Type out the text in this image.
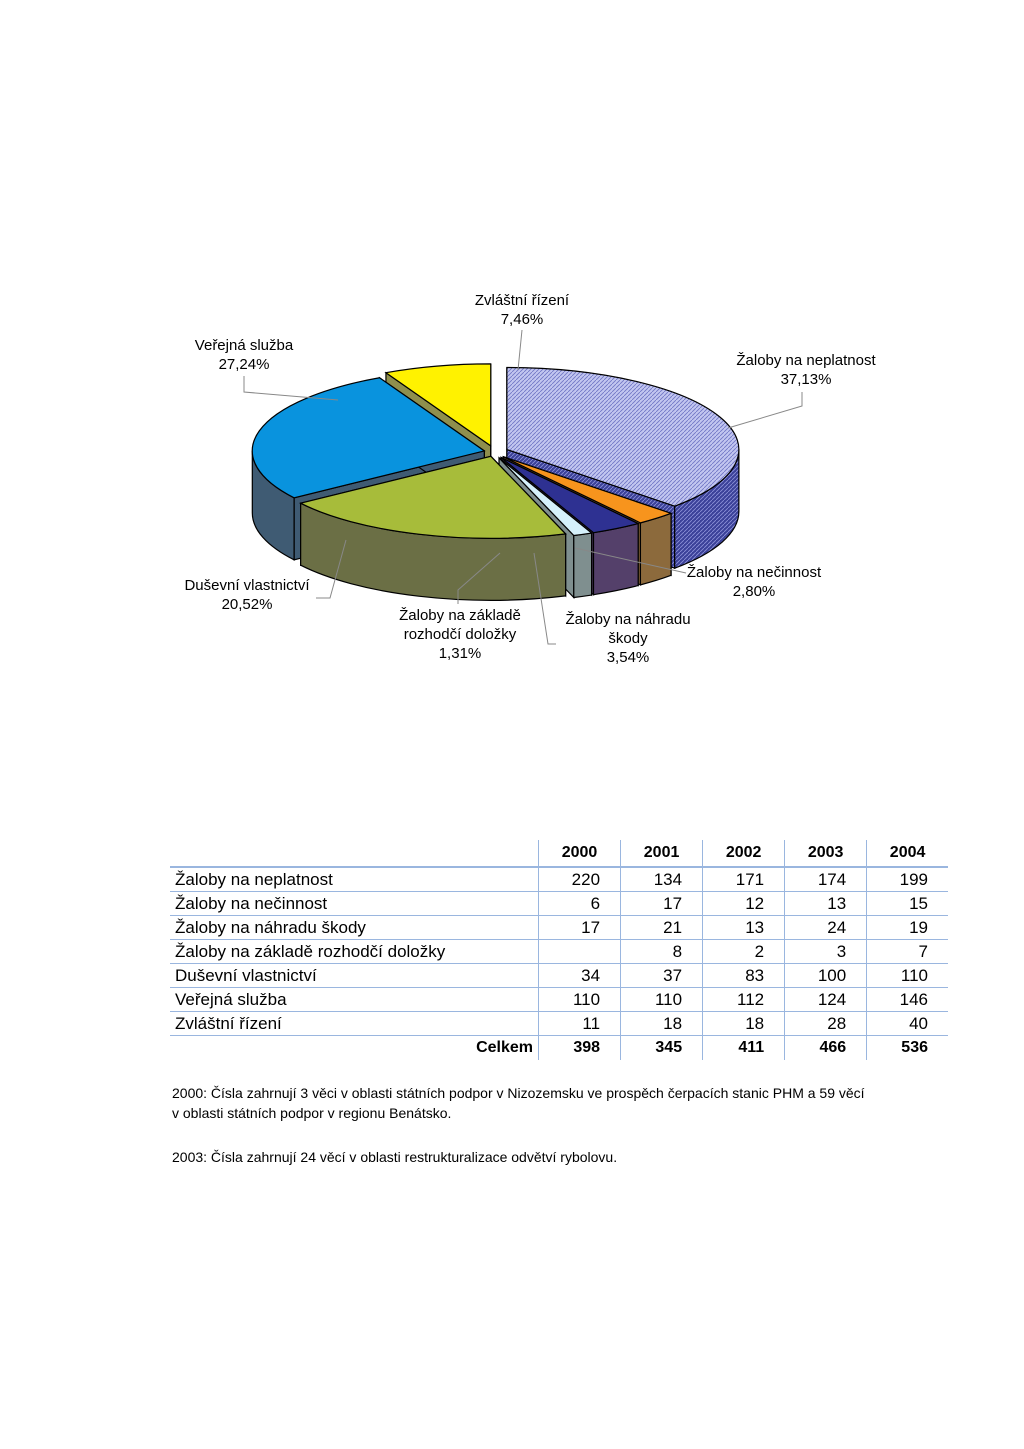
Žaloby na neplatnost
37,13%
Žaloby na nečinnost
2,80%
Žaloby na náhradu
škody
3,54%
Žaloby na základě
rozhodčí doložky
1,31%
Duševní vlastnictví
20,52%
Veřejná služba
27,24%
Zvláštní řízení
7,46%
	2000	2001	2002	2003	2004
Žaloby na neplatnost	220	134	171	174	199
Žaloby na nečinnost	6	17	12	13	15
Žaloby na náhradu škody	17	21	13	24	19
Žaloby na základě rozhodčí doložky		8	2	3	7
Duševní vlastnictví	34	37	83	100	110
Veřejná služba	110	110	112	124	146
Zvláštní řízení	11	18	18	28	40
Celkem	398	345	411	466	536

2000: Čísla zahrnují 3 věci v oblasti státních podpor v Nizozemsku ve prospěch čerpacích stanic PHM a 59 věcí
v oblasti státních podpor v regionu Benátsko.

2003: Čísla zahrnují 24 věcí v oblasti restrukturalizace odvětví rybolovu.
